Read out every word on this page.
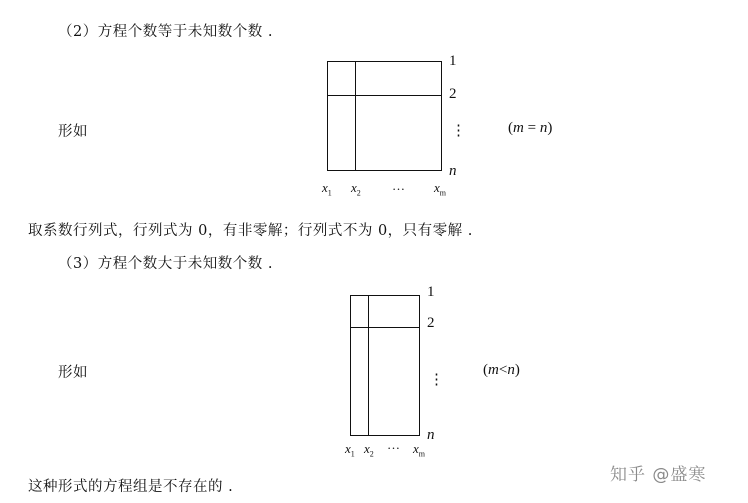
（2）方程个数等于未知数个数 .
形如
1
2
⋮
n
$x_1$ $x_2$
… $x_m$
(m = n)
取系数行列式，行列式为 0，有非零解；行列式不为 0，只有零解 .
（3）方程个数大于未知数个数 .
形如
1
2
⋮
n
$x_1$ $x_2$
… $x_m$
(m<n)
这种形式的方程组是不存在的 .
知乎 @盛寒
